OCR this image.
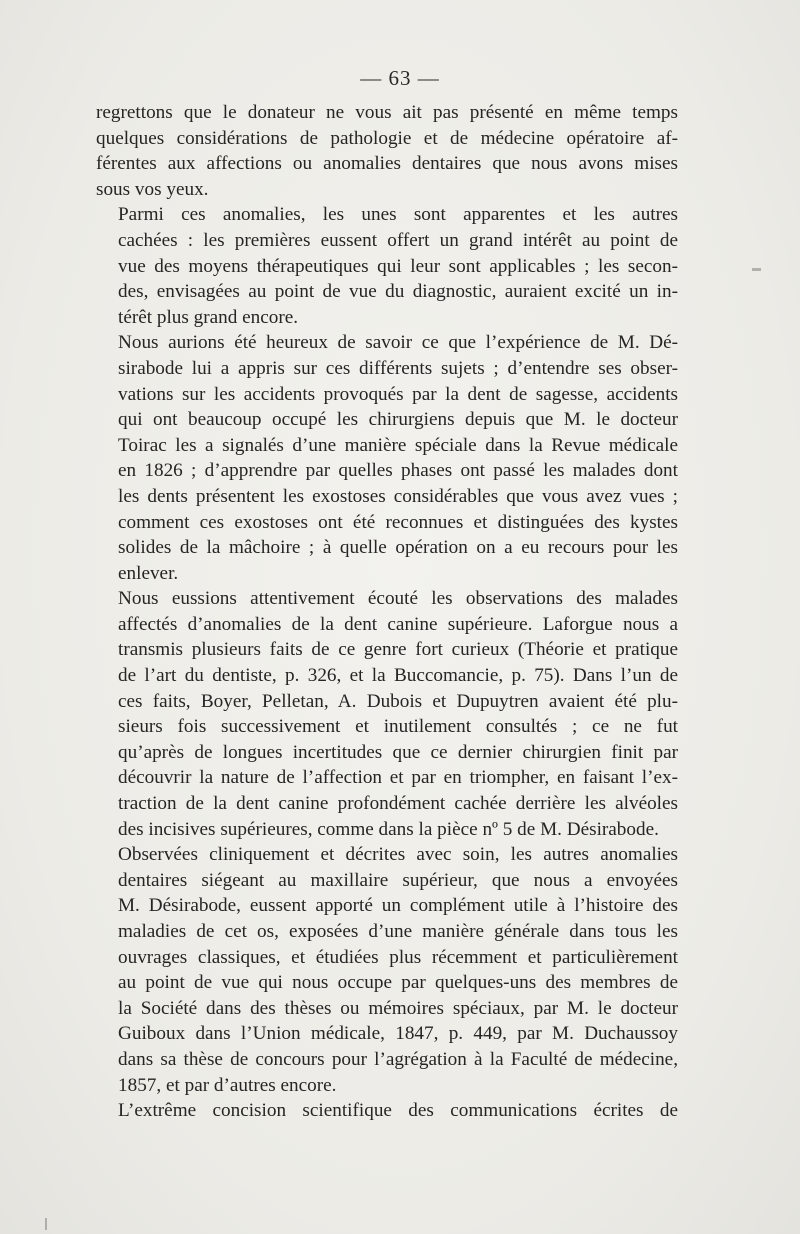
— 63 —

regrettons que le donateur ne vous ait pas présenté en même temps
quelques considérations de pathologie et de médecine opératoire af-
férentes aux affections ou anomalies dentaires que nous avons mises
sous vos yeux.

Parmi ces anomalies, les unes sont apparentes et les autres
cachées : les premières eussent offert un grand intérêt au point de
vue des moyens thérapeutiques qui leur sont applicables ; les secon-
des, envisagées au point de vue du diagnostic, auraient excité un in-
térêt plus grand encore.

Nous aurions été heureux de savoir ce que l’expérience de M. Dé-
sirabode lui a appris sur ces différents sujets ; d’entendre ses obser-
vations sur les accidents provoqués par la dent de sagesse, accidents
qui ont beaucoup occupé les chirurgiens depuis que M. le docteur
Toirac les a signalés d’une manière spéciale dans la Revue médicale
en 1826 ; d’apprendre par quelles phases ont passé les malades dont
les dents présentent les exostoses considérables que vous avez vues ;
comment ces exostoses ont été reconnues et distinguées des kystes
solides de la mâchoire ; à quelle opération on a eu recours pour les
enlever.

Nous eussions attentivement écouté les observations des malades
affectés d’anomalies de la dent canine supérieure. Laforgue nous a
transmis plusieurs faits de ce genre fort curieux (Théorie et pratique
de l’art du dentiste, p. 326, et la Buccomancie, p. 75). Dans l’un de
ces faits, Boyer, Pelletan, A. Dubois et Dupuytren avaient été plu-
sieurs fois successivement et inutilement consultés ; ce ne fut
qu’après de longues incertitudes que ce dernier chirurgien finit par
découvrir la nature de l’affection et par en triompher, en faisant l’ex-
traction de la dent canine profondément cachée derrière les alvéoles
des incisives supérieures, comme dans la pièce nº 5 de M. Désirabode.

Observées cliniquement et décrites avec soin, les autres anomalies
dentaires siégeant au maxillaire supérieur, que nous a envoyées
M. Désirabode, eussent apporté un complément utile à l’histoire des
maladies de cet os, exposées d’une manière générale dans tous les
ouvrages classiques, et étudiées plus récemment et particulièrement
au point de vue qui nous occupe par quelques-uns des membres de
la Société dans des thèses ou mémoires spéciaux, par M. le docteur
Guiboux dans l’Union médicale, 1847, p. 449, par M. Duchaussoy
dans sa thèse de concours pour l’agrégation à la Faculté de médecine,
1857, et par d’autres encore.

L’extrême concision scientifique des communications écrites de
